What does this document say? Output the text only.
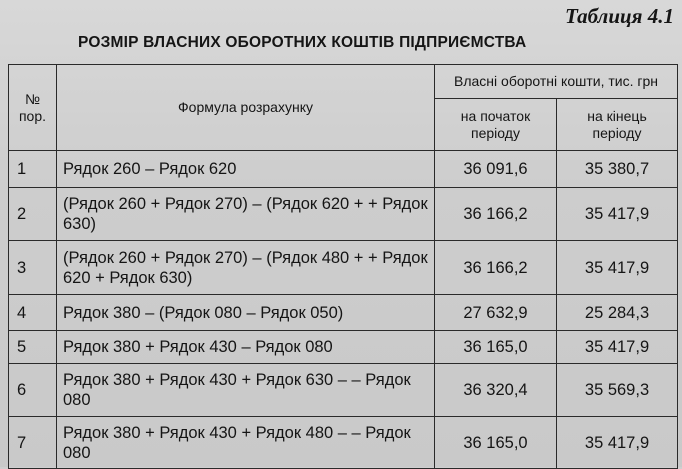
Таблиця 4.1
РОЗМІР ВЛАСНИХ ОБОРОТНИХ КОШТІВ ПІДПРИЄМСТВА
№ пор.	Формула розрахунку	Власні оборотні кошти, тис. грн	
		на початок періоду	на кінець періоду
1	Рядок 260 – Рядок 620	36 091,6	35 380,7
2	(Рядок 260 + Рядок 270) – (Рядок 620 + + Рядок 630)	36 166,2	35 417,9
3	(Рядок 260 + Рядок 270) – (Рядок 480 + + Рядок 620 + Рядок 630)	36 166,2	35 417,9
4	Рядок 380 – (Рядок 080 – Рядок 050)	27 632,9	25 284,3
5	Рядок 380 + Рядок 430 – Рядок 080	36 165,0	35 417,9
6	Рядок 380 + Рядок 430 + Рядок 630 – – Рядок 080	36 320,4	35 569,3
7	Рядок 380 + Рядок 430 + Рядок 480 – – Рядок 080	36 165,0	35 417,9
